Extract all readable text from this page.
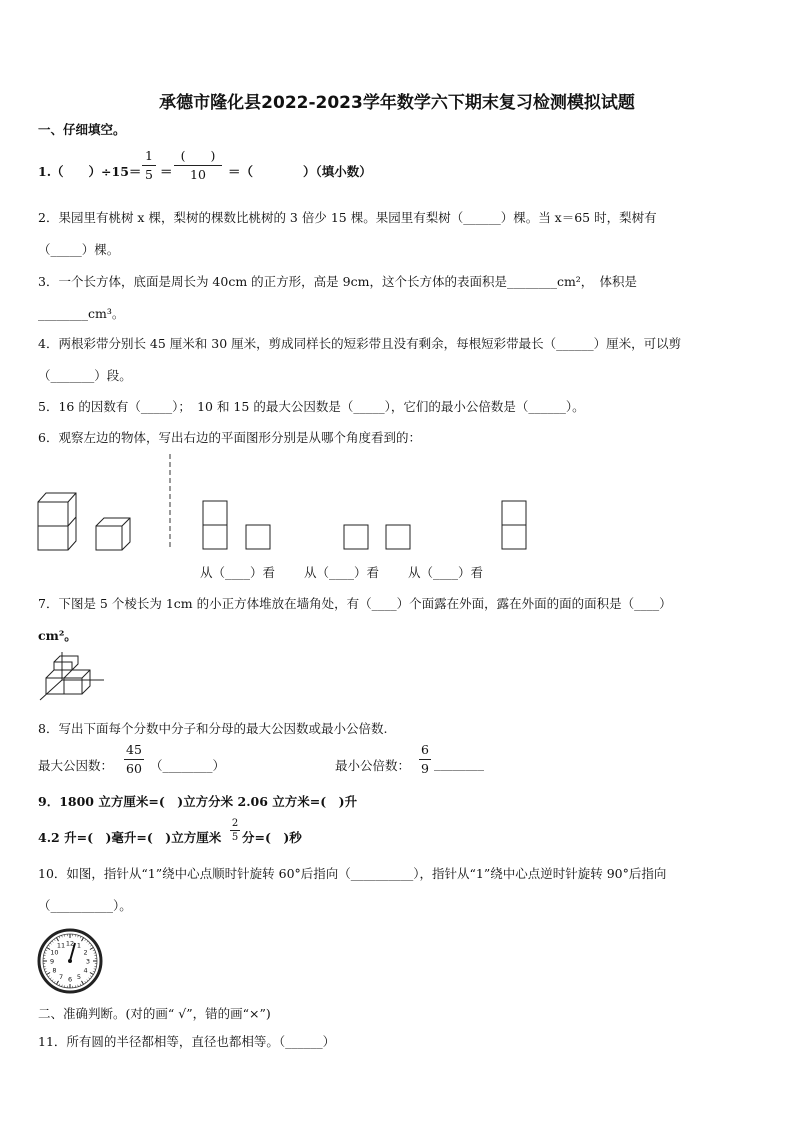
承德市隆化县2022-2023学年数学六下期末复习检测模拟试题
一、仔细填空。
1.（　　）÷15＝
1
5 ＝
(　　)
10	＝（　　　　）（填小数）
2．果园里有桃树 x 棵，梨树的棵数比桃树的 3 倍少 15 棵。果园里有梨树（______）棵。当 x＝65 时，梨树有
（_____）棵。
3．一个长方体，底面是周长为 40cm 的正方形，高是 9cm，这个长方体的表面积是________cm²，　体积是
________cm³。
4．两根彩带分别长 45 厘米和 30 厘米，剪成同样长的短彩带且没有剩余，每根短彩带最长（______）厘米，可以剪
（_______）段。
5．16 的因数有（_____）；　10 和 15 的最大公因数是（_____），它们的最小公倍数是（______）。
6．观察左边的物体，写出右边的平面图形分别是从哪个角度看到的：
从（____）看 从（____）看 从（____）看
7．下图是 5 个棱长为 1cm 的小正方体堆放在墙角处，有（____）个面露在外面，露在外面的面的面积是（____）
cm²。
8．写出下面每个分数中分子和分母的最大公因数或最小公倍数.
最大公因数：
45
60 （________）	最小公倍数：
6
9 ________
9．1800 立方厘米=(　)立方分米 2.06 立方米=(　)升
4.2 升=(　)毫升=(　)立方厘米
2
5 分=(　)秒
10．如图，指针从“1”绕中心点顺时针旋转 60°后指向（__________），指针从“1”绕中心点逆时针旋转 90°后指向
（__________）。
12 1
2
3
4
5
6
7
8
9
10
11
二、准确判断。(对的画“ √”，错的画“×”)
11．所有圆的半径都相等，直径也都相等。（______）
